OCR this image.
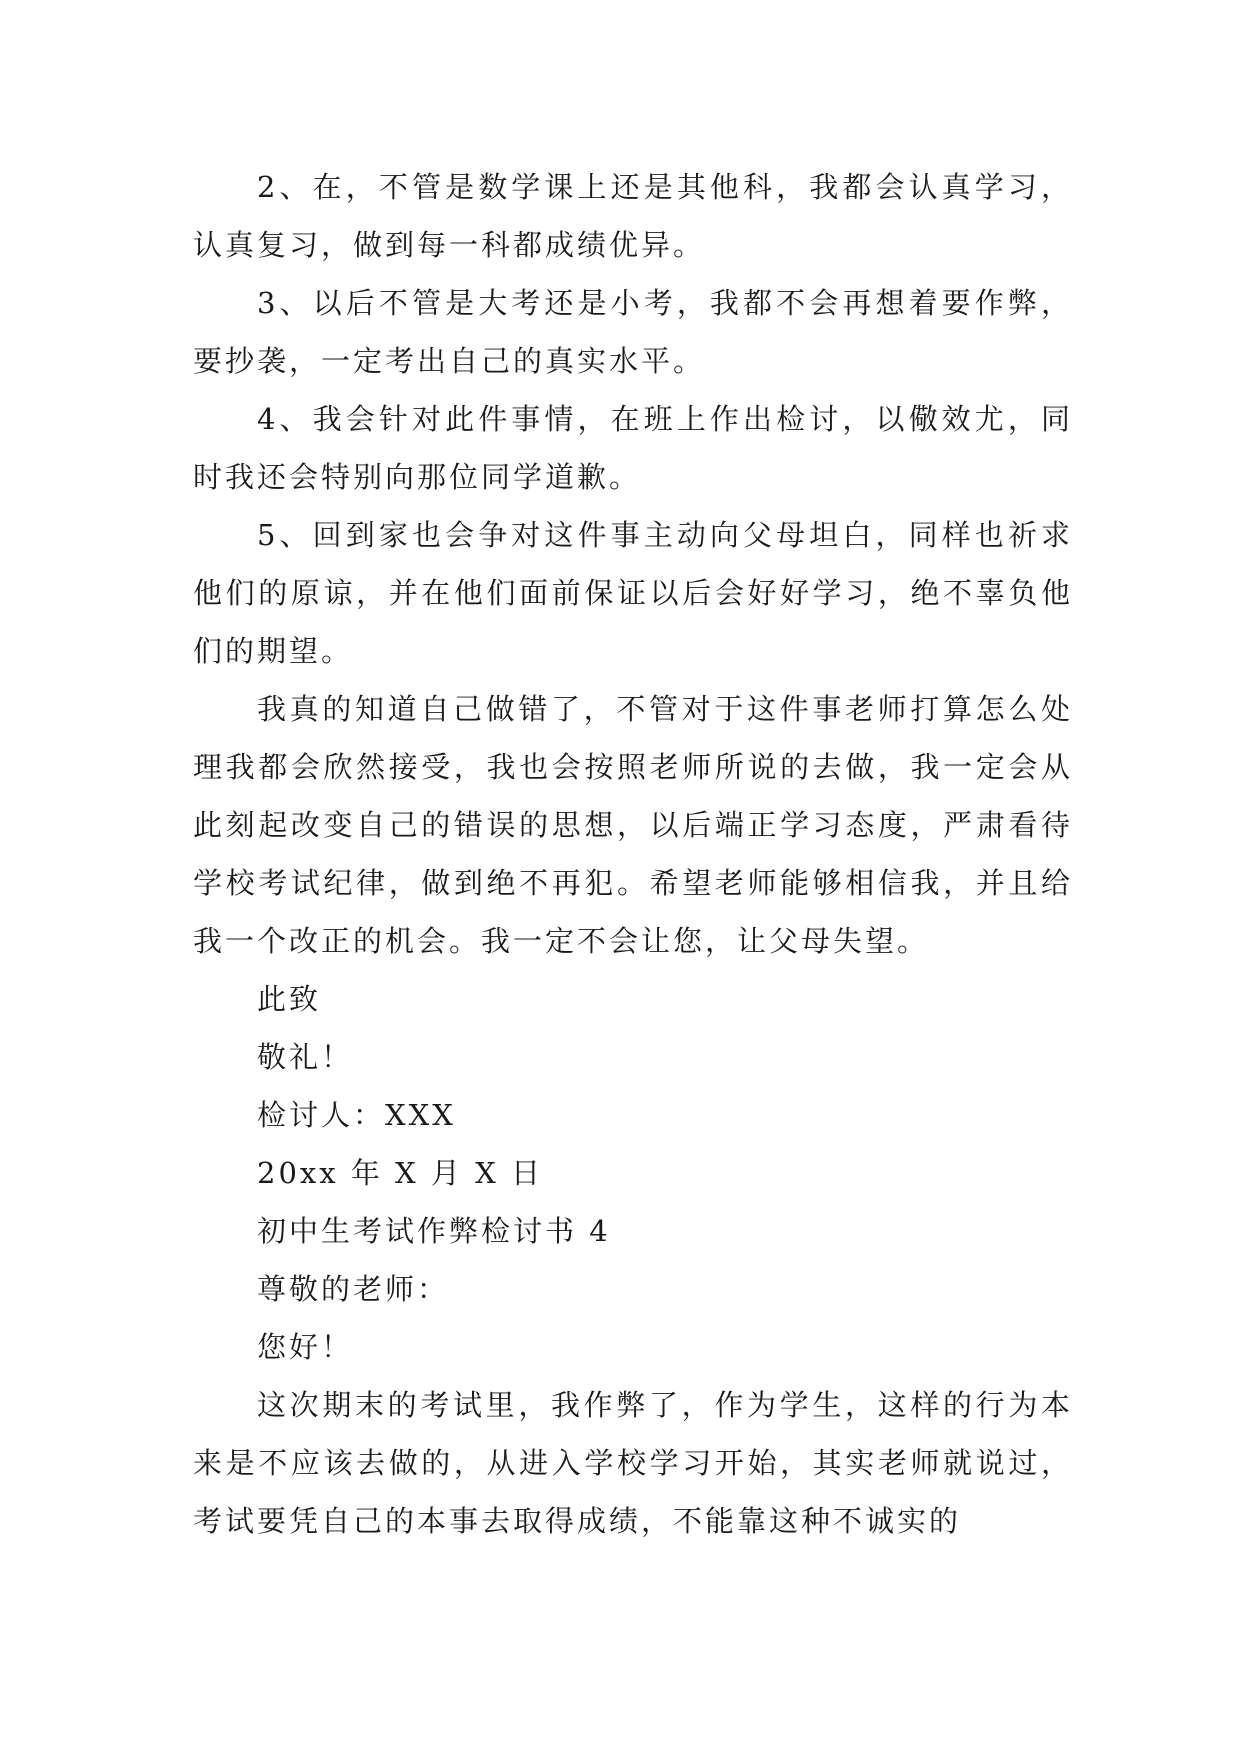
2、在，不管是数学课上还是其他科，我都会认真学习，认真复习，做到每一科都成绩优异。

3、以后不管是大考还是小考，我都不会再想着要作弊，要抄袭，一定考出自己的真实水平。

4、我会针对此件事情，在班上作出检讨，以儆效尤，同时我还会特别向那位同学道歉。

5、回到家也会争对这件事主动向父母坦白，同样也祈求他们的原谅，并在他们面前保证以后会好好学习，绝不辜负他们的期望。

我真的知道自己做错了，不管对于这件事老师打算怎么处理我都会欣然接受，我也会按照老师所说的去做，我一定会从此刻起改变自己的错误的思想，以后端正学习态度，严肃看待学校考试纪律，做到绝不再犯。希望老师能够相信我，并且给我一个改正的机会。我一定不会让您，让父母失望。

此致

敬礼！

检讨人：XXX

20xx 年 X 月 X 日

初中生考试作弊检讨书 4

尊敬的老师：

您好！

这次期末的考试里，我作弊了，作为学生，这样的行为本来是不应该去做的，从进入学校学习开始，其实老师就说过，考试要凭自己的本事去取得成绩，不能靠这种不诚实的
